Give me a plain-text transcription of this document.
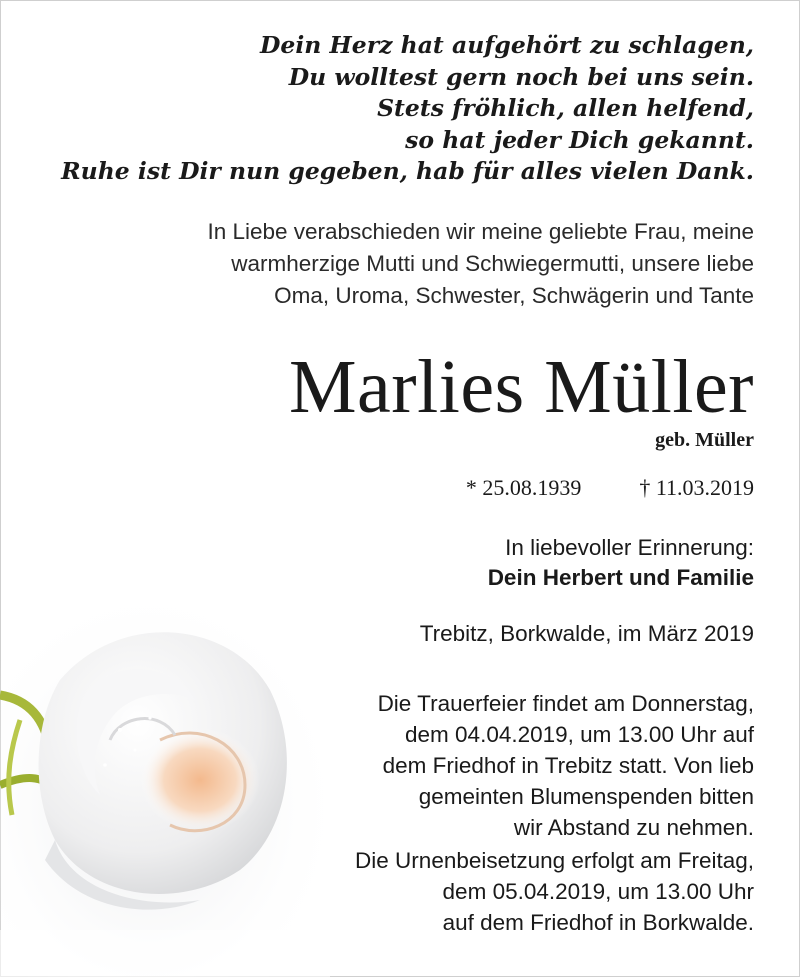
Dein Herz hat aufgehört zu schlagen,
Du wolltest gern noch bei uns sein.
Stets fröhlich, allen helfend,
so hat jeder Dich gekannt.
Ruhe ist Dir nun gegeben, hab für alles vielen Dank.
In Liebe verabschieden wir meine geliebte Frau, meine
warmherzige Mutti und Schwiegermutti, unsere liebe
Oma, Uroma, Schwester, Schwägerin und Tante
Marlies Müller
geb. Müller
* 25.08.1939	† 11.03.2019
In liebevoller Erinnerung:
Dein Herbert und Familie
Trebitz, Borkwalde, im März 2019
Die Trauerfeier findet am Donnerstag,
dem 04.04.2019, um 13.00 Uhr auf
dem Friedhof in Trebitz statt. Von lieb
gemeinten Blumenspenden bitten
wir Abstand zu nehmen.
Die Urnenbeisetzung erfolgt am Freitag,
dem 05.04.2019, um 13.00 Uhr
auf dem Friedhof in Borkwalde.
